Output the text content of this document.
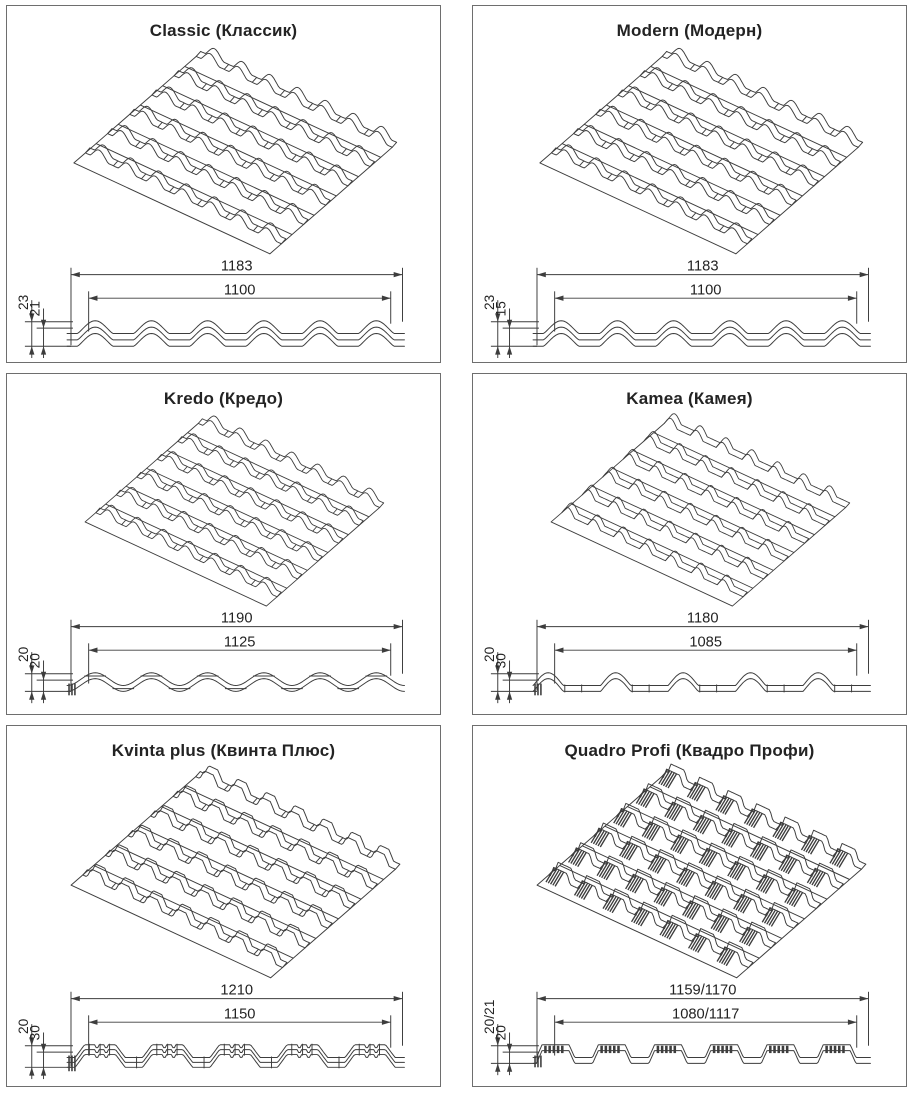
Classic (Классик)
1183
1100
23
21
Modern (Модерн)
1183
1100
23
15
Kredo (Кредо)
1190
1125
20
20
Kamea (Камея)
1180
1085
20
30
Kvinta plus (Квинта Плюс)
1210
1150
20
30
Quadro Profi (Квадро Профи)
1159/1170
1080/1117
20/21
20
